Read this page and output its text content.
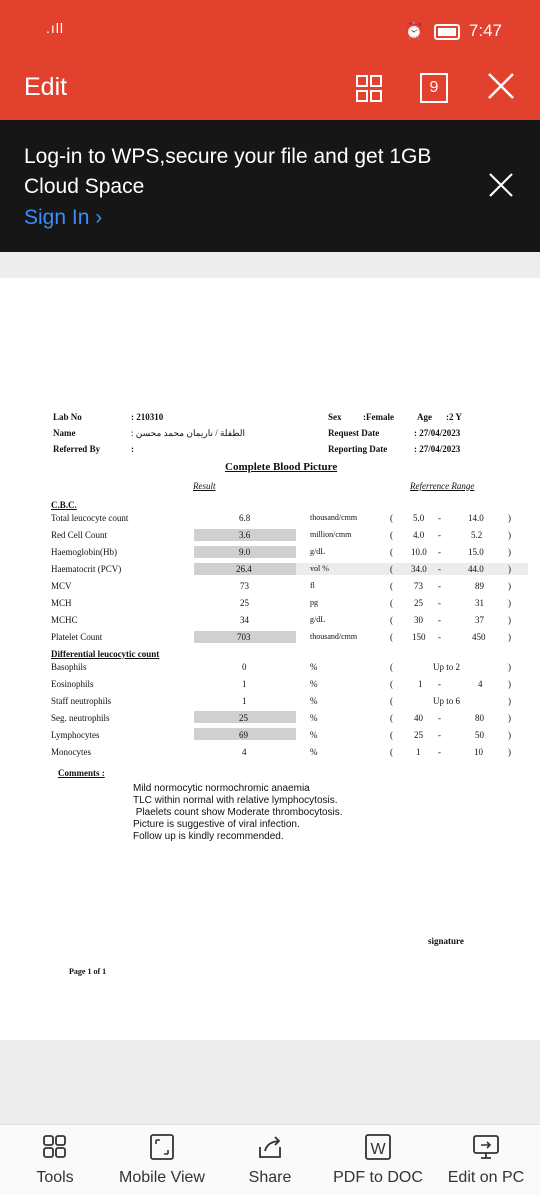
.ıll	⏰	7:47
Edit	9
Log-in to WPS,secure your file and get 1GB Cloud Space
Sign In ›
Lab No	: 210310
Name	: الطفلة / ناريمان محمد محسن
Referred By	:
Sex :Female	Age :2 Y
Request Date	: 27/04/2023
Reporting Date	: 27/04/2023
Complete Blood Picture
Result	Referrence Range
C.B.C.
Total leucocyte count	6.8	thousand/cmm	( 5.0 -	14.0	)
Red Cell Count	3.6	million/cmm	( 4.0 -	5.2	)
Haemoglobin(Hb)	9.0	g/dL	( 10.0 -	15.0	)
Haematocrit (PCV)	26.4	vol %	( 34.0 -	44.0	)
MCV	73	fl	( 73 -	89	)
MCH	25	pg	( 25 -	31	)
MCHC	34	g/dL	( 30 -	37	)
Platelet Count	703	thousand/cmm	( 150 -	450	)
Differential leucocytic count
Basophils	0	%	(	Up to 2	)
Eosinophils	1	%	(	1 -	4	)
Staff neutrophils	1	%	(	Up to 6	)
Seg. neutrophils	25	%	( 40 -	80	)
Lymphocytes	69	%	( 25 -	50	)
Monocytes	4	%	(	1 -	10	)
Comments :
Mild normocytic normochromic anaemia
TLC within normal with relative lymphocytosis.
Plaelets count show Moderate thrombocytosis.
Picture is suggestive of viral infection.
Follow up is kindly recommended.
signature
Page 1 of 1
Tools	Mobile View	Share
W
PDF to DOC	Edit on PC
